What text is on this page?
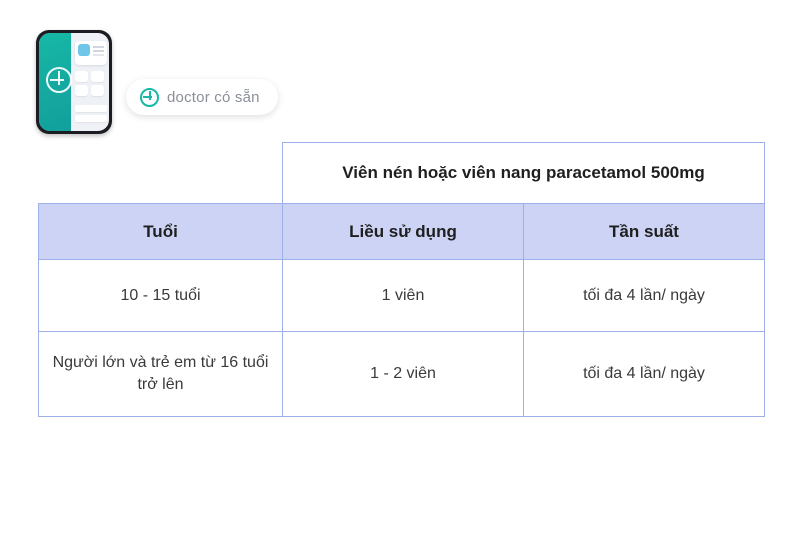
doctor có sẵn
	Viên nén hoặc viên nang paracetamol 500mg	
Tuổi	Liều sử dụng	Tần suất
10 - 15 tuổi	1 viên	tối đa 4 lần/ ngày
Người lớn và trẻ em từ 16 tuổi trở lên	1 - 2 viên	tối đa 4 lần/ ngày
